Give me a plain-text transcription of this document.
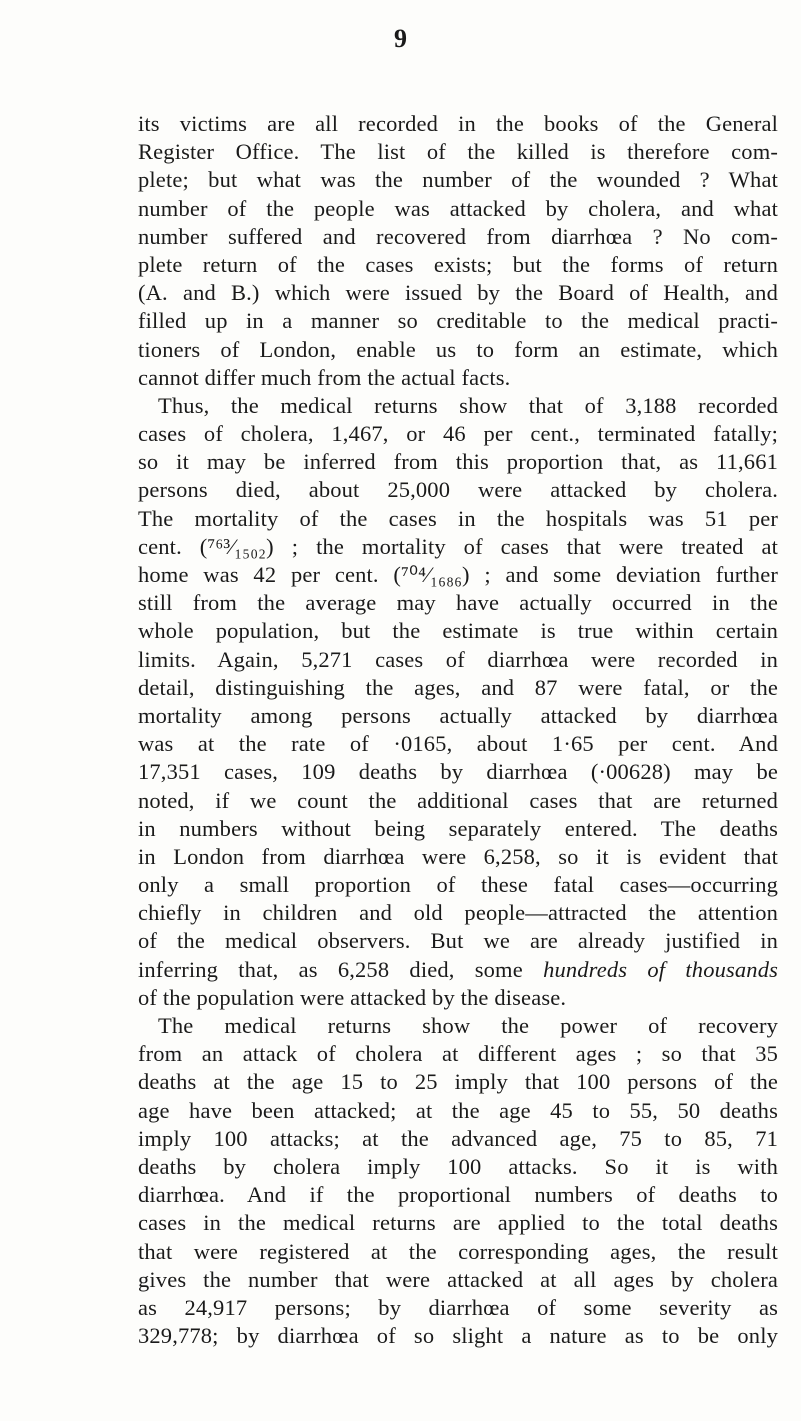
9
its victims are all recorded in the books of the General
Register Office. The list of the killed is therefore com-
plete; but what was the number of the wounded ? What
number of the people was attacked by cholera, and what
number suffered and recovered from diarrhœa ? No com-
plete return of the cases exists; but the forms of return
(A. and B.) which were issued by the Board of Health, and
filled up in a manner so creditable to the medical practi-
tioners of London, enable us to form an estimate, which
cannot differ much from the actual facts.
Thus, the medical returns show that of 3,188 recorded
cases of cholera, 1,467, or 46 per cent., terminated fatally;
so it may be inferred from this proportion that, as 11,661
persons died, about 25,000 were attacked by cholera.
The mortality of the cases in the hospitals was 51 per
cent. (⁷⁶³⁄₁₅₀₂) ; the mortality of cases that were treated at
home was 42 per cent. (⁷⁰⁴⁄₁₆₈₆) ; and some deviation further
still from the average may have actually occurred in the
whole population, but the estimate is true within certain
limits. Again, 5,271 cases of diarrhœa were recorded in
detail, distinguishing the ages, and 87 were fatal, or the
mortality among persons actually attacked by diarrhœa
was at the rate of ·0165, about 1·65 per cent. And
17,351 cases, 109 deaths by diarrhœa (·00628) may be
noted, if we count the additional cases that are returned
in numbers without being separately entered. The deaths
in London from diarrhœa were 6,258, so it is evident that
only a small proportion of these fatal cases—occurring
chiefly in children and old people—attracted the attention
of the medical observers. But we are already justified in
inferring that, as 6,258 died, some hundreds of thousands
of the population were attacked by the disease.
The medical returns show the power of recovery
from an attack of cholera at different ages ; so that 35
deaths at the age 15 to 25 imply that 100 persons of the
age have been attacked; at the age 45 to 55, 50 deaths
imply 100 attacks; at the advanced age, 75 to 85, 71
deaths by cholera imply 100 attacks. So it is with
diarrhœa. And if the proportional numbers of deaths to
cases in the medical returns are applied to the total deaths
that were registered at the corresponding ages, the result
gives the number that were attacked at all ages by cholera
as 24,917 persons; by diarrhœa of some severity as
329,778; by diarrhœa of so slight a nature as to be only
